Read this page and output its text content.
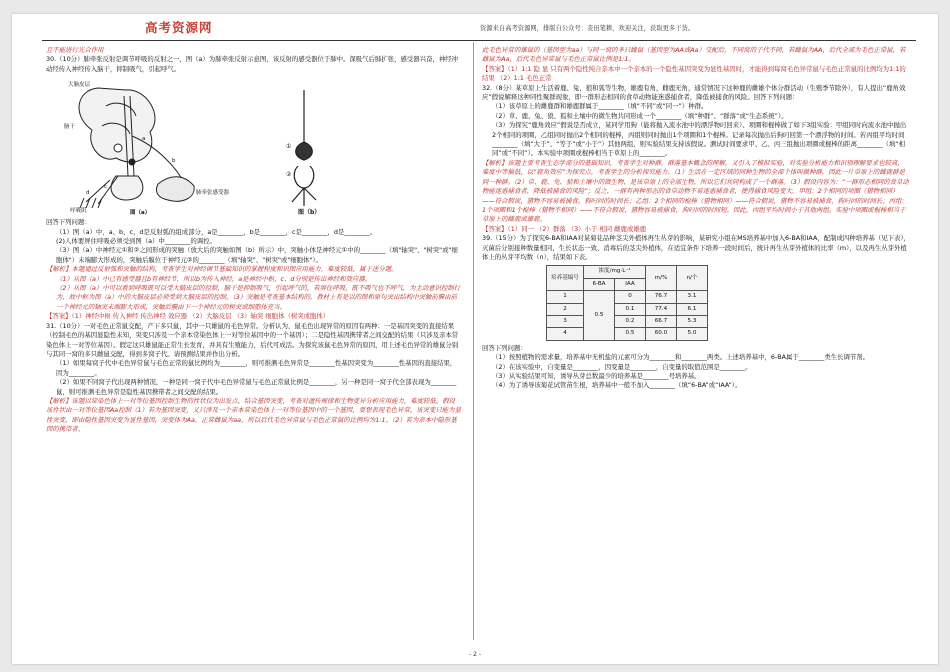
高考资源网	资源来自高考资源网，排版自公众号：麦田笔耕，欢迎关注，获取更多干货。

且不能进行光合作用

30.（10分）肺牵张反射是调节呼吸的反射之一，图（a）为肺牵张反射示意图，该反射的感受器位于肺中。深吸气后肺扩张，感受器兴奋，神经冲动经传入神经传入脑干，抑制吸气，引起呼气。

大脑皮层
脑干
a
b
c
d	肺牵张感受器
呼吸肌	图（a）
①
②
图（b）

回答下列问题：

（1）图（a）中，a、b、c、d是反射弧的组成部分，a是________，b是________，c是________，d是________。

(2)人体要屏住呼吸必须受到图（a）中________的调控。

（3）图（a）中神经元①和②之间形成的突触（放大后的突触如图（b）所示）中，突触小体是神经元①中的________（填"轴突"、"树突"或"细胞体"）末端膨大形成的，突触后膜位于神经元②的________（填"轴突"、"树突"或"细胞体"）。

【解析】本题通过反射弧和突触的结构，考查学生对神经调节基础知识的掌握程度和识图应用能力，难度较低，属于送分题。

（1）从图（a）中已有感受器且b有神经节，所以b为传入神经，a是神经中枢，c、d分别是传出神经和效应器。

（2）从图（a）中可以看到呼吸既可以受大脑皮层的控制，脑干是抑制吸气，引起呼气的，若屏住呼吸，既不吸气也不呼气，为主动意识控制行为，故中枢为图（a）中的大脑皮层必须受到大脑皮层的控制。（3）突触是考查基本结构的，教材上有是以的图和原句突出结构中突触前膜由前一个神经元的轴突末端膨大形成，突触后膜由下一个神经元的树突或细胞体充当。

【答案】（1）神经中枢 传入神经 传出神经 效应器 （2）大脑皮层 （3）轴突 细胞体（树突或胞体）

31.（10分）一对毛色正常鼠交配，产下多只鼠，其中一只雄鼠的毛色异常。分析认为，鼠毛色出现异常的原因有两种：一是基因突变的直接结果（控制毛色的基因显隐性未知，突变只涉及一个亲本常染色体上一对等位基因中的一个基因）；二是隐性基因携带者之间交配的结果（只涉及亲本常染色体上一对等位基因）。假定这只雄鼠能正常生长发育，并具有生殖能力，后代可成活。为探究该鼠毛色异常的原因，用上述毛色异常的雄鼠分别与其同一窝的多只雌鼠交配，得到多窝子代。请预测结果并作出分析。

（1）如果每窝子代中毛色异常鼠与毛色正常的鼠比例均为________，则可推测毛色异常是________性基因突变为________性基因的直接结果，因为________。

（2）如果不同窝子代出现两种情况，一种是同一窝子代中毛色异常鼠与毛色正常鼠比例是________，另一种是同一窝子代全部表现为________鼠，则可推测毛色异常是隐性基因携带者之间交配的结果。

【解析】该题以常染色体上一对等位基因控制生物的性状位为出发点，结合基因突变，考查对遗传规律和生物变异分析应用能力，难度较低。假设该性状由一对等位基因Aa控制（1）若为基因突变，又只涉及一个亲本常染色体上一对等位基因中的一个基因，要想表现毛色异常，该突变只能为显性突变，即由隐性基因突变为显性基因，突变体为Aa，正常雌鼠为aa，所以后代毛色异常鼠与毛色正常鼠的比例均为1:1。（2）若为亲本中隐形基因的携带者，

此毛色异常的雄鼠的（基因型为aa）与同一窝的多只雌鼠（基因型为AA或Aa）交配后，不同窝的子代不同，若雌鼠为AA，后代全部为毛色正常鼠，若雌鼠为Aa，后代毛色异常鼠与毛色正常鼠比例是1:1。

【答案】（1）1:1 隐 显 只有两个隐性纯合亲本中一个亲本的一个隐性基因突变为显性基因时，才能得到每窝毛色异常鼠与毛色正常鼠的比例均为1:1的结果 （2）1:1 毛色正常

32.（8分）某草原上生活着鹿、兔、狼和狐等生物，雄鹿有角，雌鹿无角，通常情况下这种鹿的雌雄个体分群活动（生殖季节除外），有人提出“鹿角效应”假说解释这种同性聚群现象，即一群形态相同的食草动物能迷惑捕食者，降低被捕食的风险。回答下列问题：

（1）该草原上的雌鹿群和雄鹿群属于________（填“不同”或“同一”）种群。

（2）草、鹿、兔、狼、狐和土壤中的微生物共同形成一个________（填“种群”、“群落”或“生态系统”）。

（3）为探究“鹿角效应”假说是否成立，某同学用狗（能将抛入流水池中的漂浮物叼回来）、项圈和棍棒做了如下3组实验：甲组同时向流水池中抛出2个相同的项圈，乙组同时抛出2个相同的棍棒，丙组则同时抛出1个项圈和1个棍棒。记录每次抛出后狗叼回第一个漂浮物的时间。若丙组平均时间________（填“大于”、“等于”或“小于”）其他两组，则实验结果支持该假说。测试时间要求甲、乙、丙三组抛出项圈或棍棒的距离________（填“相同”或“不同”）。本实验中项圈或棍棒相当于草原上的________。

【解析】该题主要考查生态学部分的基础知识，考查学生对种群，群落基本概念的理解，又引入了模拟实验，对实验分析能力和识别理解要求也较高，难度中等偏低，以“鹿角效应”为探究点，考查学生的分析探究能力。（1）生活在一定区域的同种生物的全部个体叫做种群，因此一片草原上的雌鹿群是同一种群。（2）草、鹿、兔、狼和土壤中的微生物，是该草原上的全部生物，所以它们共同构成了一个群落。（3）假设内容为：“一群形态相同的食草动物能迷惑捕食者，降低被捕食的风险”；反之，一群有两种形态的食草动物不易迷惑捕食者，使得捕食风险变大。甲组：2个相同的项圈（猎物相同）——符合假说，猎物不容易被捕食，狗叼回的时间长；乙组：2个相同的棍棒（猎物相同）——符合假说，猎物不容易被捕食，狗叼回的时间长；丙组：1个项圈和1个棍棒（猎物不相同）——不符合假说，猎物容易被捕食，狗叼回的时间短。因此，丙组平均时间小于其他两组。实验中项圈或棍棒相当于草原上的雌鹿或雄鹿。

【答案】（1）同一 （2）群落 （3）小于 相同 雌鹿或雄鹿

39.（15分）为了探究6-BA和IAA对某菊花品种茎尖外植体再生丛芽的影响，某研究小组在MS培养基中加入6-BA和IAA，配制成四种培养基（见下表），灭菌后分别接种数量相同、生长状态一致、消毒后的茎尖外植体，在适宜条件下培养一段时间后，统计再生丛芽外植体的比率（m），以及再生丛芽外植体上的丛芽平均数（n），结果如下表。

培养基编号	浓度/mg·L⁻¹		m/%	n/个
	6-BA	IAA		
1	0.5	0	76.7	3.1
2		0.1	77.4	6.1
3		0.2	66.7	5.3
4		0.5	60.0	5.0

回答下列问题：

（1）按照植物的需求量，培养基中无机盐的元素可分为________和________两类。上述培养基中，6-BA属于________类生长调节剂。

（2）在该实验中，自变量是________，因变量是________，自变量的取值范围是________。

（3）从实验结果可知，诱导丛芽总数最少的培养基是________号培养基。

（4）为了诱导该菊花试管苗生根，培养基中一般不加入________（填“6-BA”或“IAA”）。

- 2 -
